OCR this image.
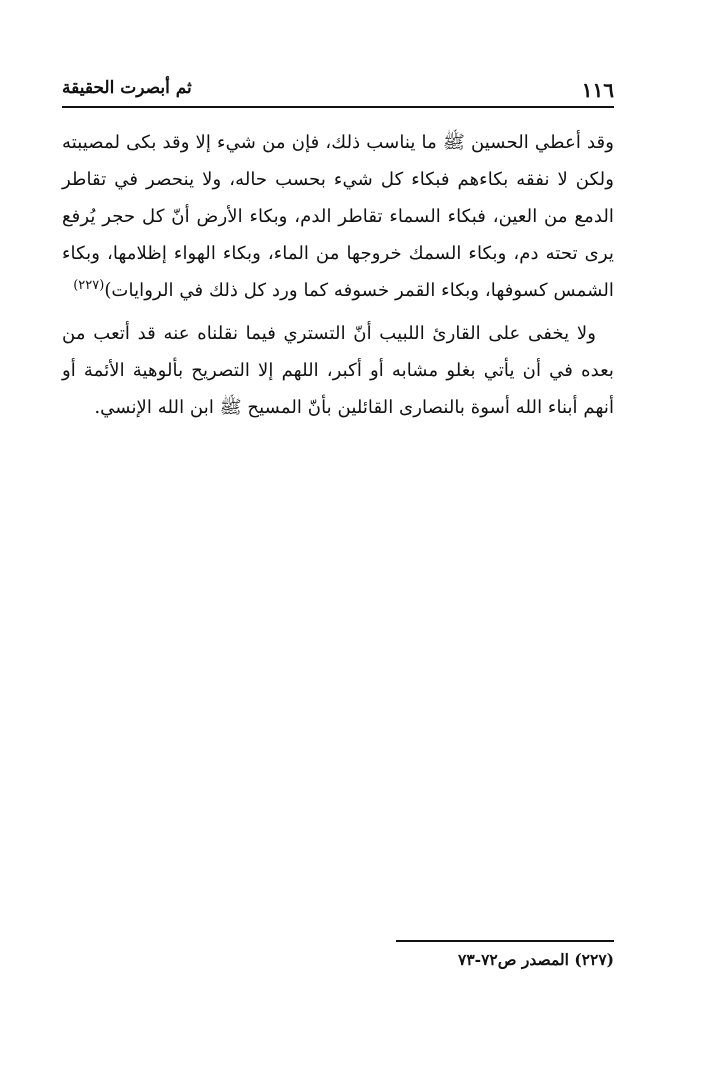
١١٦
ثم أبصرت الحقيقة

وقد أعطي الحسين ﷺ ما يناسب ذلك، فإن من شيء إلا وقد بكى لمصيبته ولكن لا نفقه بكاءهم فبكاء كل شيء بحسب حاله، ولا ينحصر في تقاطر الدمع من العين، فبكاء السماء تقاطر الدم، وبكاء الأرض أنّ كل حجر يُرفع يرى تحته دم، وبكاء السمك خروجها من الماء، وبكاء الهواء إظلامها، وبكاء الشمس كسوفها، وبكاء القمر خسوفه كما ورد كل ذلك في الروايات)$^{(٢٢٧)}$

ولا يخفى على القارئ اللبيب أنّ التستري فيما نقلناه عنه قد أتعب من بعده في أن يأتي بغلو مشابه أو أكبر، اللهم إلا التصريح بألوهية الأئمة أو أنهم أبناء الله أسوة بالنصارى القائلين بأنّ المسيح ﷺ ابن الله الإنسي.

(٢٢٧) المصدر ص٧٢-٧٣
